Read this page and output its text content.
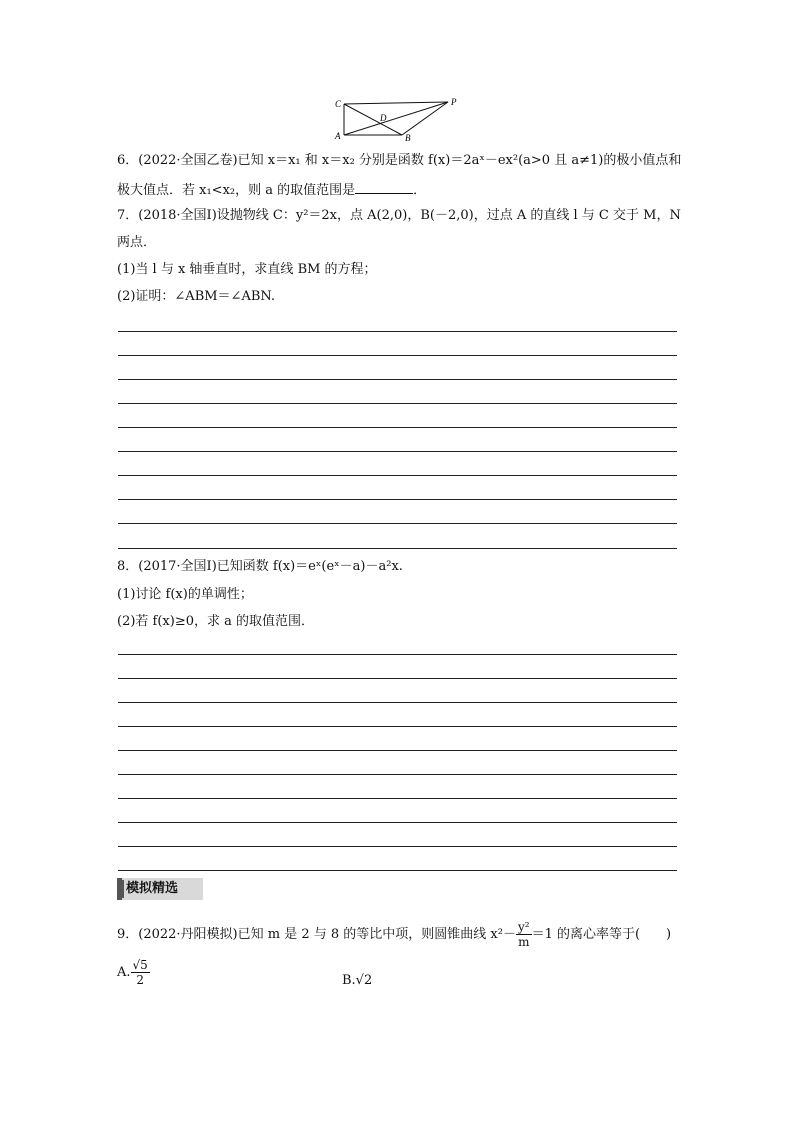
C	P
D
A	B
6．(2022·全国乙卷)已知 x＝x₁ 和 x＝x₂ 分别是函数 f(x)＝2aˣ－ex²(a>0 且 a≠1)的极小值点和
极大值点．若 x₁<x₂，则 a 的取值范围是	．
7．(2018·全国Ⅰ)设抛物线 C：y²＝2x，点 A(2,0)，B(－2,0)，过点 A 的直线 l 与 C 交于 M，N
两点．
(1)当 l 与 x 轴垂直时，求直线 BM 的方程；
(2)证明：∠ABM＝∠ABN.
8．(2017·全国Ⅰ)已知函数 f(x)＝eˣ(eˣ－a)－a²x.
(1)讨论 f(x)的单调性；
(2)若 f(x)≥0，求 a 的取值范围．
模拟精选
9．(2022·丹阳模拟)已知 m 是 2 与 8 的等比中项，则圆锥曲线 $x^2- \frac{\text{y²}}{m} =1$ 的离心率等于(　　)
A. $\frac{√5}{2}$	B.√2
